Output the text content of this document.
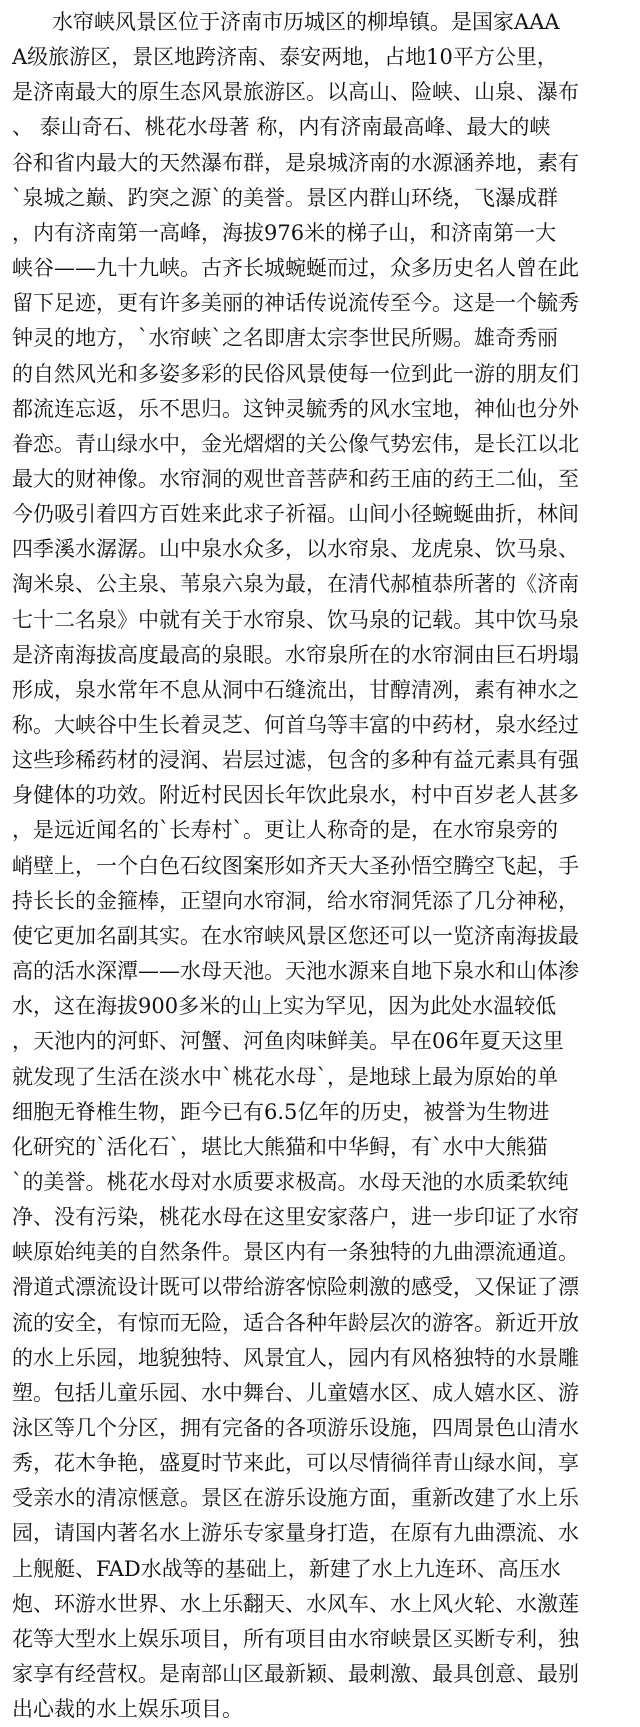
水帘峡风景区位于济南市历城区的柳埠镇。是国家AAA
A级旅游区，景区地跨济南、泰安两地，占地10平方公里，
是济南最大的原生态风景旅游区。以高山、险峡、山泉、瀑布
、 泰山奇石、桃花水母著 称，内有济南最高峰、最大的峡
谷和省内最大的天然瀑布群，是泉城济南的水源涵养地，素有
`泉城之巅、趵突之源`的美誉。景区内群山环绕，飞瀑成群
，内有济南第一高峰，海拔976米的梯子山，和济南第一大
峡谷——九十九峡。古齐长城蜿蜒而过，众多历史名人曾在此
留下足迹，更有许多美丽的神话传说流传至今。这是一个毓秀
钟灵的地方，`水帘峡`之名即唐太宗李世民所赐。雄奇秀丽
的自然风光和多姿多彩的民俗风景使每一位到此一游的朋友们
都流连忘返，乐不思归。这钟灵毓秀的风水宝地，神仙也分外
眷恋。青山绿水中，金光熠熠的关公像气势宏伟，是长江以北
最大的财神像。水帘洞的观世音菩萨和药王庙的药王二仙，至
今仍吸引着四方百姓来此求子祈福。山间小径蜿蜒曲折，林间
四季溪水潺潺。山中泉水众多，以水帘泉、龙虎泉、饮马泉、
淘米泉、公主泉、苇泉六泉为最，在清代郝植恭所著的《济南
七十二名泉》中就有关于水帘泉、饮马泉的记载。其中饮马泉
是济南海拔高度最高的泉眼。水帘泉所在的水帘洞由巨石坍塌
形成，泉水常年不息从洞中石缝流出，甘醇清冽，素有神水之
称。大峡谷中生长着灵芝、何首乌等丰富的中药材，泉水经过
这些珍稀药材的浸润、岩层过滤，包含的多种有益元素具有强
身健体的功效。附近村民因长年饮此泉水，村中百岁老人甚多
，是远近闻名的`长寿村`。更让人称奇的是，在水帘泉旁的
峭壁上，一个白色石纹图案形如齐天大圣孙悟空腾空飞起，手
持长长的金箍棒，正望向水帘洞，给水帘洞凭添了几分神秘，
使它更加名副其实。在水帘峡风景区您还可以一览济南海拔最
高的活水深潭——水母天池。天池水源来自地下泉水和山体渗
水，这在海拔900多米的山上实为罕见，因为此处水温较低
，天池内的河虾、河蟹、河鱼肉味鲜美。早在06年夏天这里
就发现了生活在淡水中`桃花水母`，是地球上最为原始的单
细胞无脊椎生物，距今已有6.5亿年的历史，被誉为生物进
化研究的`活化石`，堪比大熊猫和中华鲟，有`水中大熊猫
`的美誉。桃花水母对水质要求极高。水母天池的水质柔软纯
净、没有污染，桃花水母在这里安家落户，进一步印证了水帘
峡原始纯美的自然条件。景区内有一条独特的九曲漂流通道。
滑道式漂流设计既可以带给游客惊险刺激的感受，又保证了漂
流的安全，有惊而无险，适合各种年龄层次的游客。新近开放
的水上乐园，地貌独特、风景宜人，园内有风格独特的水景雕
塑。包括儿童乐园、水中舞台、儿童嬉水区、成人嬉水区、游
泳区等几个分区，拥有完备的各项游乐设施，四周景色山清水
秀，花木争艳，盛夏时节来此，可以尽情徜徉青山绿水间，享
受亲水的清凉惬意。景区在游乐设施方面，重新改建了水上乐
园，请国内著名水上游乐专家量身打造，在原有九曲漂流、水
上舰艇、FAD水战等的基础上，新建了水上九连环、高压水
炮、环游水世界、水上乐翻天、水风车、水上风火轮、水激莲
花等大型水上娱乐项目，所有项目由水帘峡景区买断专利，独
家享有经营权。是南部山区最新颖、最刺激、最具创意、最别
出心裁的水上娱乐项目。
